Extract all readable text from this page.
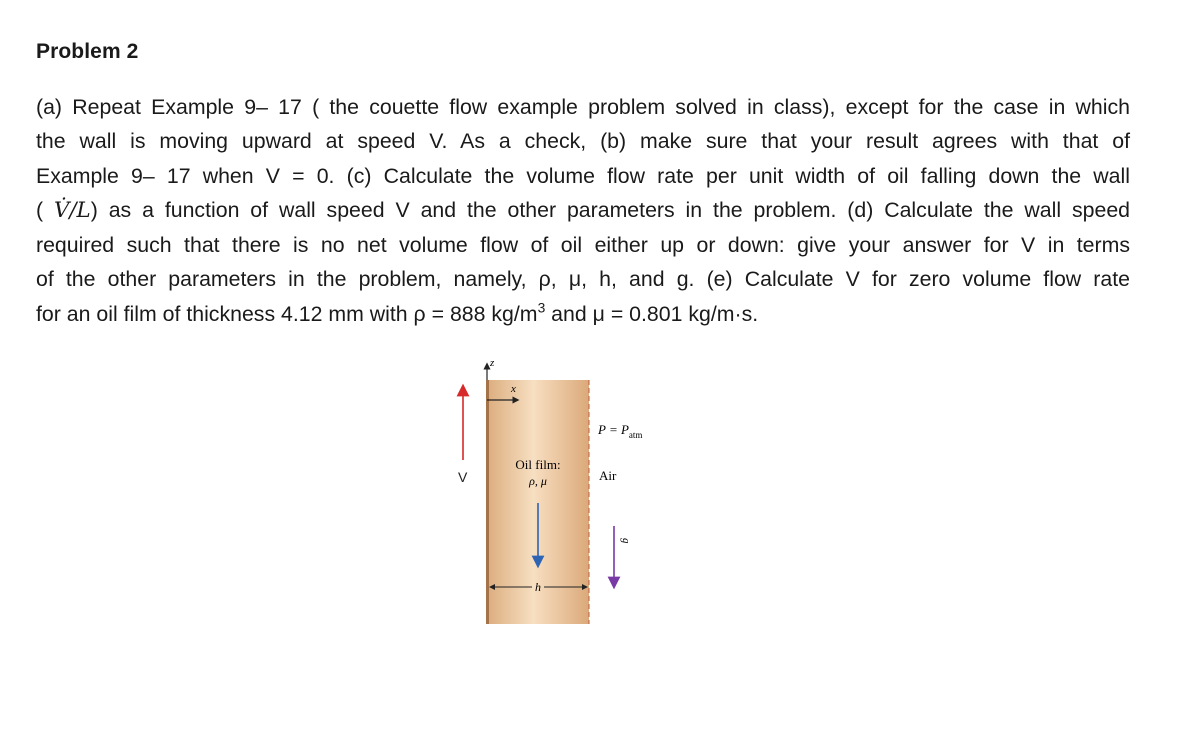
Problem 2
(a) Repeat Example 9– 17 ( the couette flow example problem solved in class), except for the case in which
the wall is moving upward at speed V. As a check, (b) make sure that your result agrees with that of
Example 9– 17 when V = 0. (c) Calculate the volume flow rate per unit width of oil falling down the wall
( V̇/L) as a function of wall speed V and the other parameters in the problem. (d) Calculate the wall speed
required such that there is no net volume flow of oil either up or down: give your answer for V in terms
of the other parameters in the problem, namely, ρ, μ, h, and g. (e) Calculate V for zero volume flow rate
for an oil film of thickness 4.12 mm with ρ = 888 $kg/m^3$ and μ = 0.801 kg/m·s.
z
x
V
Oil film:
ρ, μ
h
$P = P_{atm}$
Air
g
